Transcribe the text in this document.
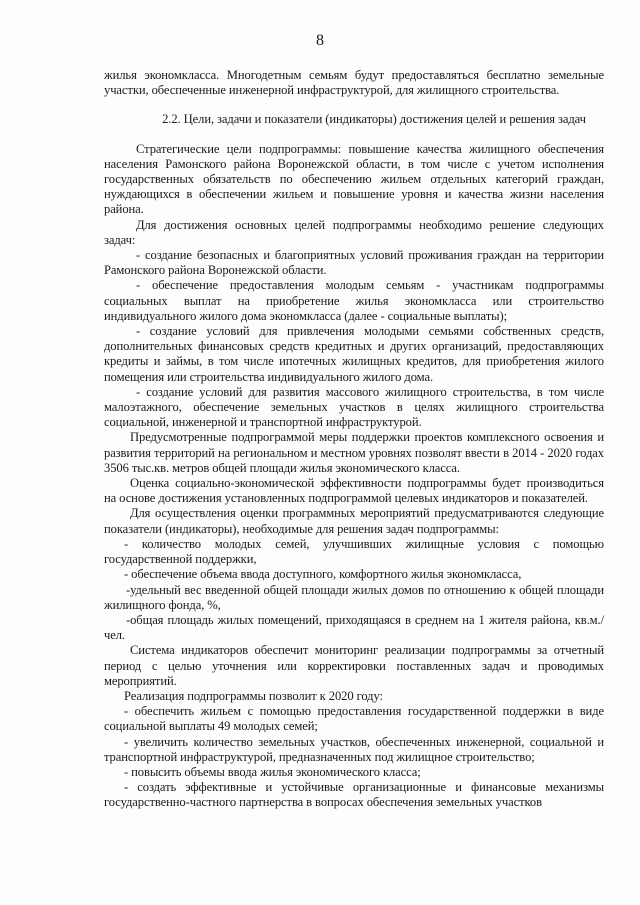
8

жилья экономкласса. Многодетным семьям будут предоставляться бесплатно земельные участки, обеспеченные инженерной инфраструктурой, для жилищного строительства.

2.2. Цели, задачи и показатели (индикаторы) достижения целей и решения задач

Стратегические цели подпрограммы: повышение качества жилищного обеспечения населения Рамонского района Воронежской области, в том числе с учетом исполнения государственных обязательств по обеспечению жильем отдельных категорий граждан, нуждающихся в обеспечении жильем и повышение уровня и качества жизни населения района.

Для достижения основных целей подпрограммы необходимо решение следующих задач:

- создание безопасных и благоприятных условий проживания граждан на территории Рамонского района Воронежской области.

- обеспечение предоставления молодым семьям - участникам подпрограммы социальных выплат на приобретение жилья экономкласса или строительство индивидуального жилого дома экономкласса (далее - социальные выплаты);

- создание условий для привлечения молодыми семьями собственных средств, дополнительных финансовых средств кредитных и других организаций, предоставляющих кредиты и займы, в том числе ипотечных жилищных кредитов, для приобретения жилого помещения или строительства индивидуального жилого дома.

- создание условий для развития массового жилищного строительства, в том числе малоэтажного, обеспечение земельных участков в целях жилищного строительства социальной, инженерной и транспортной инфраструктурой.

Предусмотренные подпрограммой меры поддержки проектов комплексного освоения и развития территорий на региональном и местном уровнях позволят ввести в 2014 - 2020 годах 3506 тыс.кв. метров общей площади жилья экономического класса.

Оценка социально-экономической эффективности подпрограммы будет производиться на основе достижения установленных подпрограммой целевых индикаторов и показателей.

Для осуществления оценки программных мероприятий предусматриваются следующие показатели (индикаторы), необходимые для решения задач подпрограммы:

- количество молодых семей, улучшивших жилищные условия с помощью государственной поддержки,

- обеспечение объема ввода доступного, комфортного жилья экономкласса,

-удельный вес введенной общей площади жилых домов по отношению к общей площади жилищного фонда, %,

-общая площадь жилых помещений, приходящаяся в среднем на 1 жителя района, кв.м./чел.

Система индикаторов обеспечит мониторинг реализации подпрограммы за отчетный период с целью уточнения или корректировки поставленных задач и проводимых мероприятий.

Реализация подпрограммы позволит к 2020 году:

- обеспечить жильем с помощью предоставления государственной поддержки в виде социальной выплаты 49 молодых семей;

- увеличить количество земельных участков, обеспеченных инженерной, социальной и транспортной инфраструктурой, предназначенных под жилищное строительство;

- повысить объемы ввода жилья экономического класса;

- создать эффективные и устойчивые организационные и финансовые механизмы государственно-частного партнерства в вопросах обеспечения земельных участков
